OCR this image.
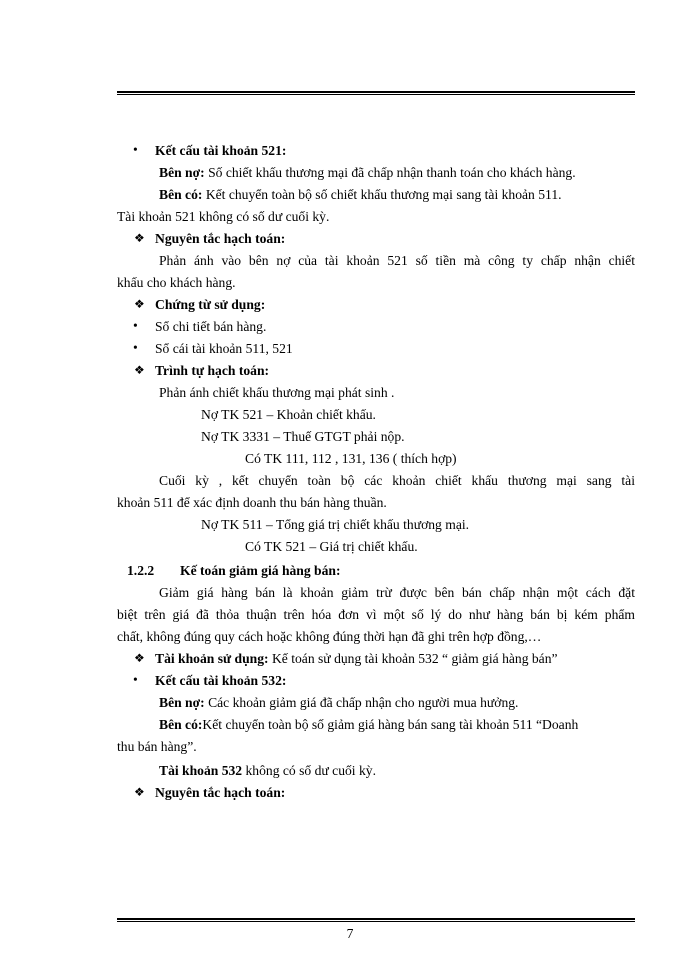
•	Kết cấu tài khoản 521:
Bên nợ: Số chiết khấu thương mại đã chấp nhận thanh toán cho khách hàng.
Bên có: Kết chuyển toàn bộ số chiết khấu thương mại sang tài khoản 511.
Tài khoản 521 không có số dư cuối kỳ.
❖ Nguyên tắc hạch toán:
Phản ánh vào bên nợ của tài khoản 521 số tiền mà công ty chấp nhận chiết
khấu cho khách hàng.
❖ Chứng từ sử dụng:
•	Sổ chi tiết bán hàng.
•	Sổ cái tài khoản 511, 521
❖ Trình tự hạch toán:
Phản ánh chiết khấu thương mại phát sinh .
Nợ TK 521 – Khoản chiết khấu.
Nợ TK 3331 – Thuế GTGT phải nộp.
Có TK 111, 112 , 131, 136 ( thích hợp)
Cuối kỳ , kết chuyển toàn bộ các khoản chiết khấu thương mại sang tài
khoản 511 để xác định doanh thu bán hàng thuần.
Nợ TK 511 – Tổng giá trị chiết khấu thương mại.
Có TK 521 – Giá trị chiết khấu.
1.2.2	Kế toán giảm giá hàng bán:
Giảm giá hàng bán là khoản giảm trừ được bên bán chấp nhận một cách đặt
biệt trên giá đã thỏa thuận trên hóa đơn vì một số lý do như hàng bán bị kém phẩm
chất, không đúng quy cách hoặc không đúng thời hạn đã ghi trên hợp đồng,…
❖ Tài khoản sử dụng: Kế toán sử dụng tài khoản 532 “ giảm giá hàng bán”
•	Kết cấu tài khoản 532:
Bên nợ: Các khoản giảm giá đã chấp nhận cho người mua hưởng.
Bên có:Kết chuyển toàn bộ số giảm giá hàng bán sang tài khoản 511 “Doanh
thu bán hàng”.
Tài khoản 532 không có số dư cuối kỳ.
❖ Nguyên tắc hạch toán:
7
